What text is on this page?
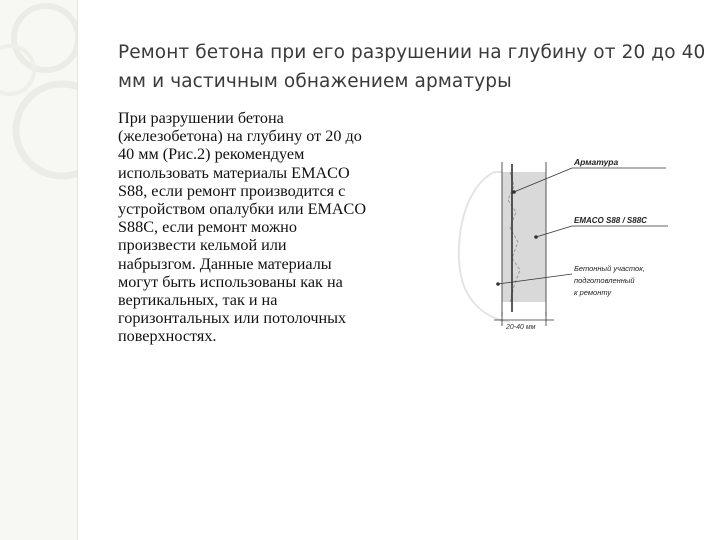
Ремонт бетона при его разрушении на глубину от 20 до 40 мм и частичным обнажением арматуры

При разрушении бетона (железобетона) на глубину от 20 до 40 мм (Рис.2) рекомендуем использовать материалы EMACO S88, если ремонт производится с устройством опалубки или EMACO S88C, если ремонт можно произвести кельмой или набрызгом. Данные материалы могут быть использованы как на вертикальных, так и на горизонтальных или потолочных поверхностях.	20-40 мм
Арматура
EMACO S88 / S88C
Бетонный участок,
подготовленный
к ремонту
